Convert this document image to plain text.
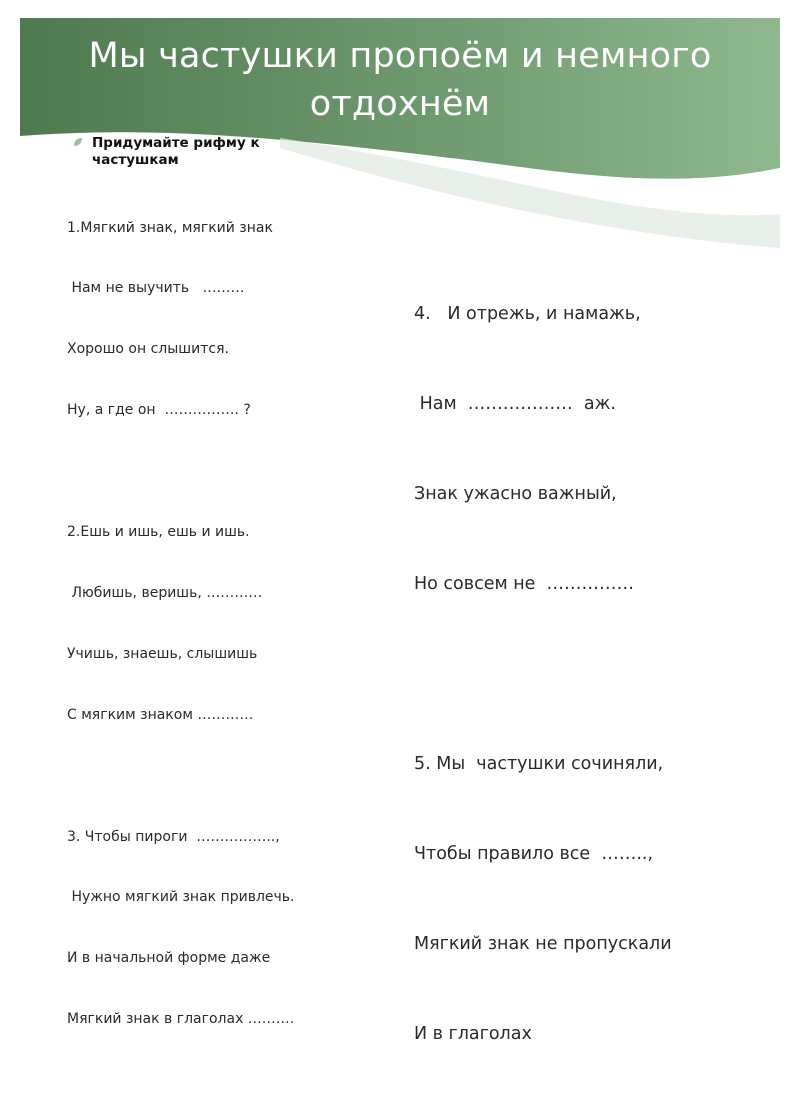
Мы частушки пропоём и немного отдохнём
Придумайте рифму к частушкам

1.Мягкий знак, мягкий знак

Нам не выучить   ………

Хорошо он слышится.

Ну, а где он  ……………. ?

2.Ешь и ишь, ешь и ишь.

Любишь, веришь, …………

Учишь, знаешь, слышишь

С мягким знаком …………

3. Чтобы пироги  ……………..,

Нужно мягкий знак привлечь.

И в начальной форме даже

Мягкий знак в глаголах ……….

4.   И отрежь, и намажь,

Нам  ………………  аж.

Знак ужасно важный,

Но совсем не  ……………

5. Мы  частушки сочиняли,

Чтобы правило все  ……..,

Мягкий знак не пропускали

И в глаголах
